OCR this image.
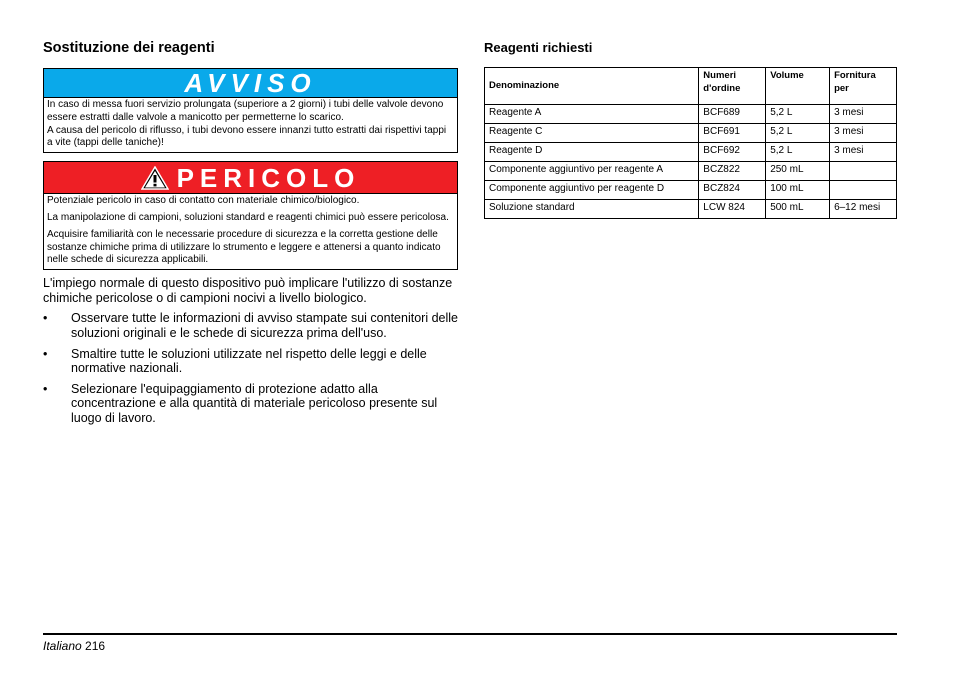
Sostituzione dei reagenti
AVVISO

In caso di messa fuori servizio prolungata (superiore a 2 giorni) i tubi delle valvole devono essere estratti dalle valvole a manicotto per permetterne lo scarico.

A causa del pericolo di riflusso, i tubi devono essere innanzi tutto estratti dai rispettivi tappi a vite (tappi delle taniche)!

PERICOLO

Potenziale pericolo in caso di contatto con materiale chimico/biologico.

La manipolazione di campioni, soluzioni standard e reagenti chimici può essere pericolosa.

Acquisire familiarità con le necessarie procedure di sicurezza e la corretta gestione delle sostanze chimiche prima di utilizzare lo strumento e leggere e attenersi a quanto indicato nelle schede di sicurezza applicabili.

L'impiego normale di questo dispositivo può implicare l'utilizzo di sostanze chimiche pericolose o di campioni nocivi a livello biologico.

• Osservare tutte le informazioni di avviso stampate sui contenitori delle soluzioni originali e le schede di sicurezza prima dell'uso.
• Smaltire tutte le soluzioni utilizzate nel rispetto delle leggi e delle normative nazionali.
• Selezionare l'equipaggiamento di protezione adatto alla concentrazione e alla quantità di materiale pericoloso presente sul luogo di lavoro.
Reagenti richiesti
Denominazione	Numeri d'ordine	Volume	Fornitura per
Reagente A	BCF689	5,2 L	3 mesi
Reagente C	BCF691	5,2 L	3 mesi
Reagente D	BCF692	5,2 L	3 mesi
Componente aggiuntivo per reagente A	BCZ822	250 mL	
Componente aggiuntivo per reagente D	BCZ824	100 mL	
Soluzione standard	LCW 824	500 mL	6–12 mesi
Italiano 216
